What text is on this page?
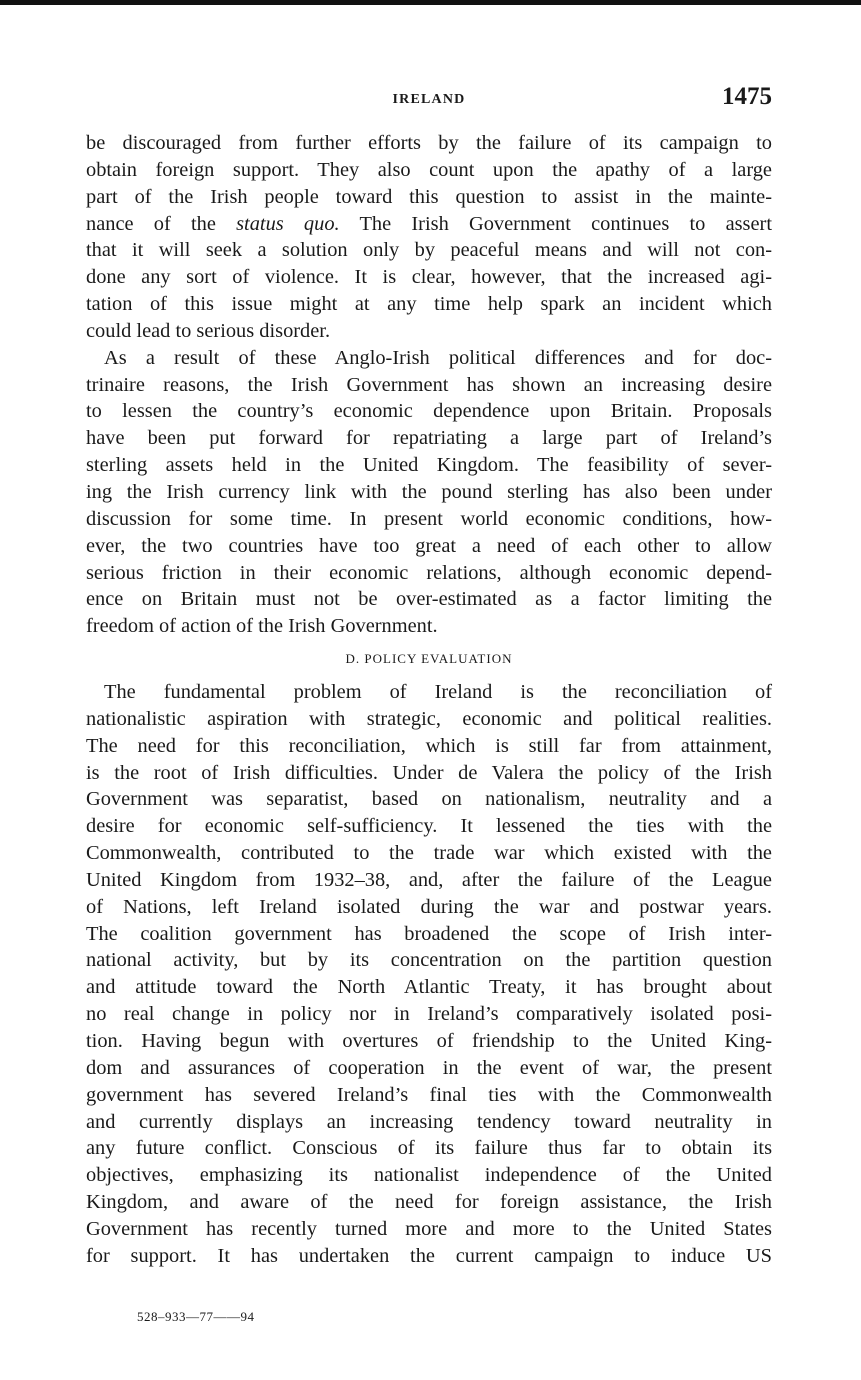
IRELAND	1475

be discouraged from further efforts by the failure of its campaign to
obtain foreign support. They also count upon the apathy of a large
part of the Irish people toward this question to assist in the mainte-
nance of the status quo. The Irish Government continues to assert
that it will seek a solution only by peaceful means and will not con-
done any sort of violence. It is clear, however, that the increased agi-
tation of this issue might at any time help spark an incident which
could lead to serious disorder.

As a result of these Anglo-Irish political differences and for doc-
trinaire reasons, the Irish Government has shown an increasing desire
to lessen the country’s economic dependence upon Britain. Proposals
have been put forward for repatriating a large part of Ireland’s
sterling assets held in the United Kingdom. The feasibility of sever-
ing the Irish currency link with the pound sterling has also been under
discussion for some time. In present world economic conditions, how-
ever, the two countries have too great a need of each other to allow
serious friction in their economic relations, although economic depend-
ence on Britain must not be over-estimated as a factor limiting the
freedom of action of the Irish Government.

D. POLICY EVALUATION

The fundamental problem of Ireland is the reconciliation of
nationalistic aspiration with strategic, economic and political realities.
The need for this reconciliation, which is still far from attainment,
is the root of Irish difficulties. Under de Valera the policy of the Irish
Government was separatist, based on nationalism, neutrality and a
desire for economic self-sufficiency. It lessened the ties with the
Commonwealth, contributed to the trade war which existed with the
United Kingdom from 1932–38, and, after the failure of the League
of Nations, left Ireland isolated during the war and postwar years.
The coalition government has broadened the scope of Irish inter-
national activity, but by its concentration on the partition question
and attitude toward the North Atlantic Treaty, it has brought about
no real change in policy nor in Ireland’s comparatively isolated posi-
tion. Having begun with overtures of friendship to the United King-
dom and assurances of cooperation in the event of war, the present
government has severed Ireland’s final ties with the Commonwealth
and currently displays an increasing tendency toward neutrality in
any future conflict. Conscious of its failure thus far to obtain its
objectives, emphasizing its nationalist independence of the United
Kingdom, and aware of the need for foreign assistance, the Irish
Government has recently turned more and more to the United States
for support. It has undertaken the current campaign to induce US

528–933—77——94
